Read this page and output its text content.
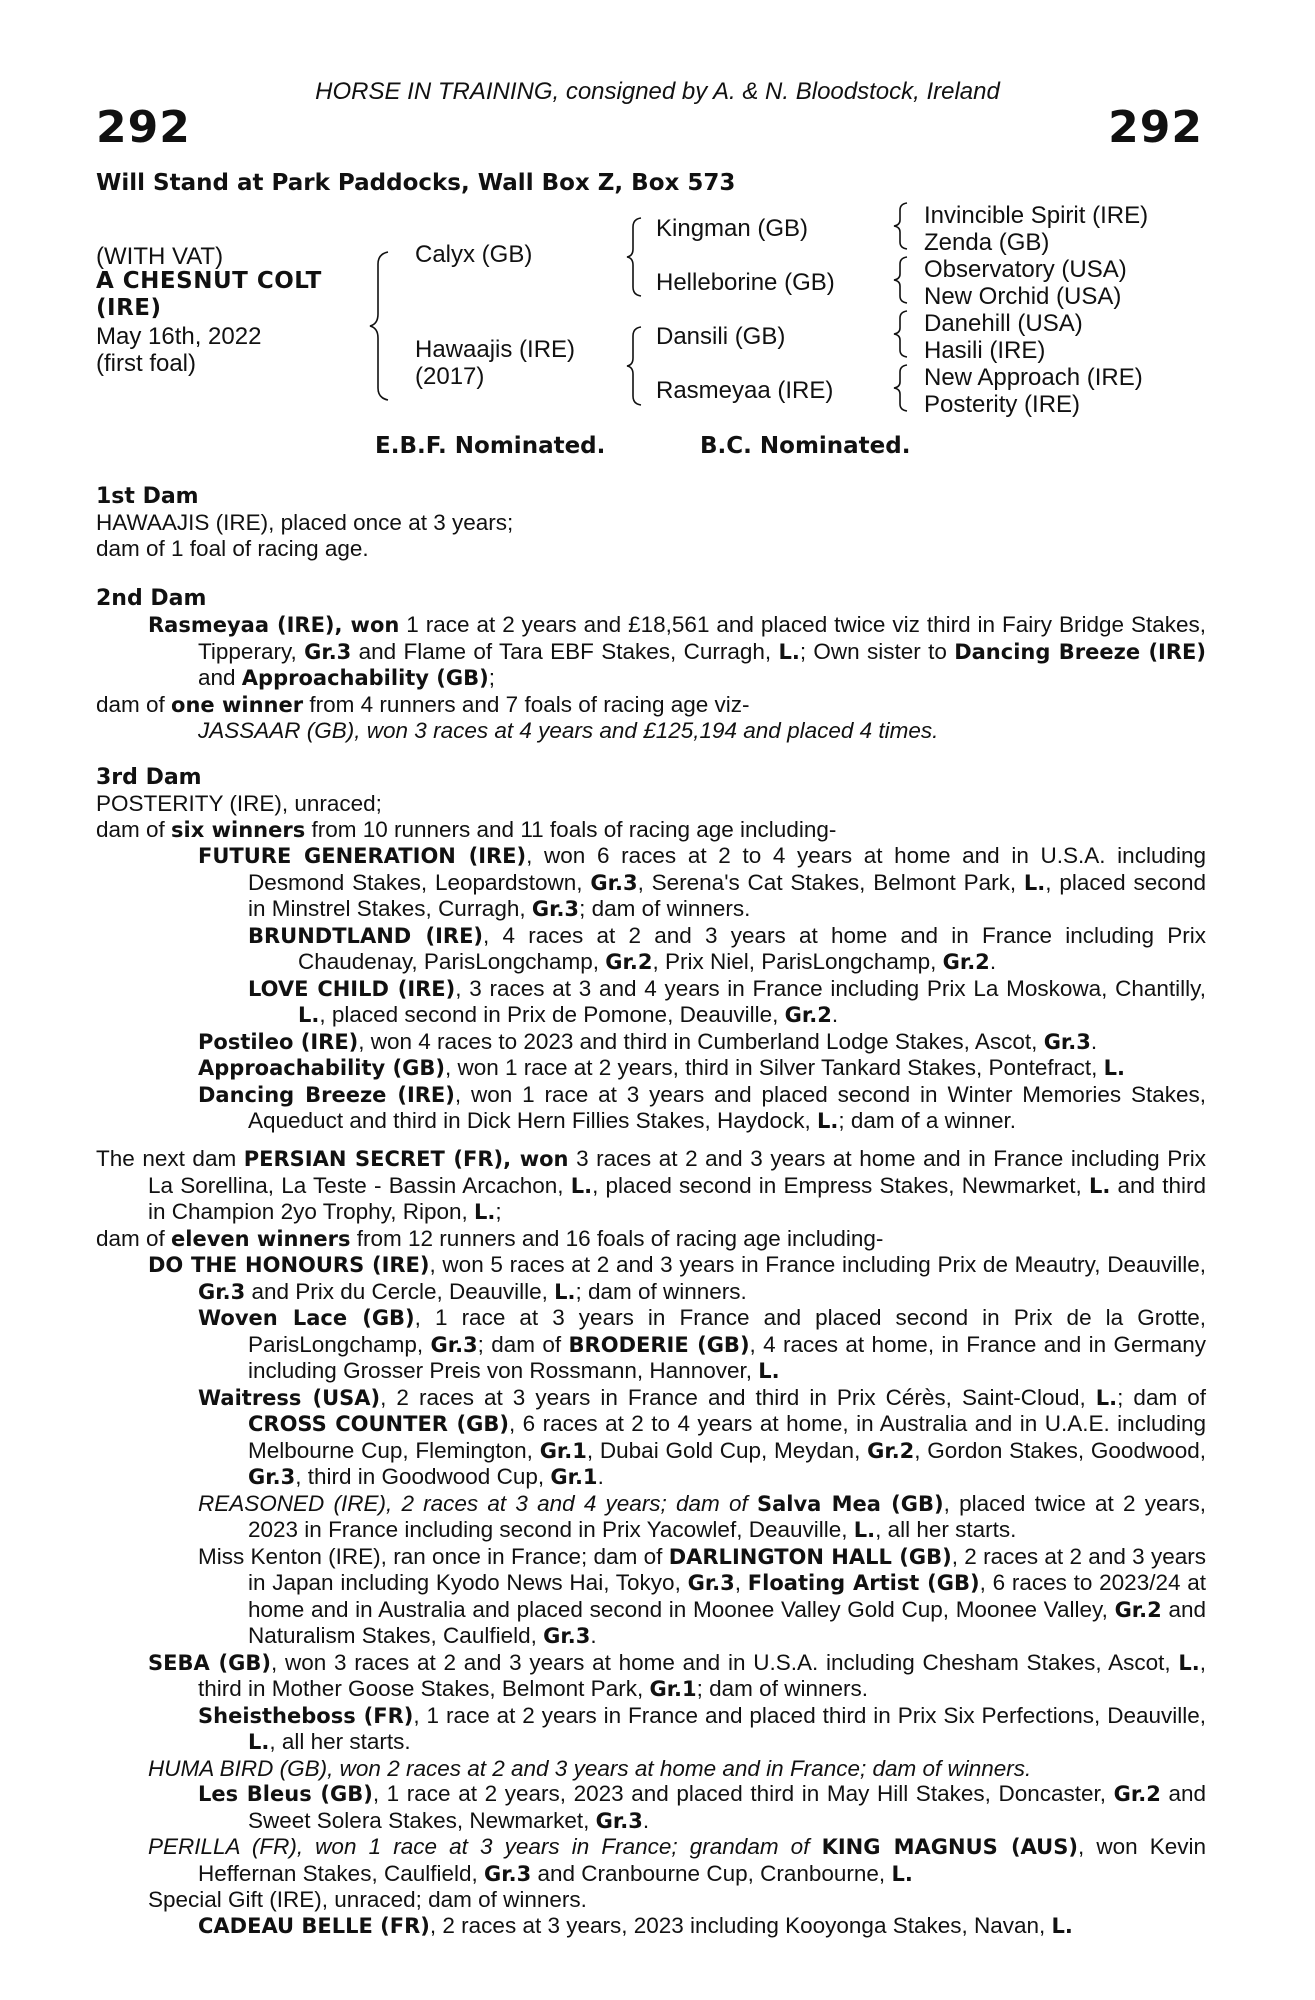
HORSE IN TRAINING, consigned by A. & N. Bloodstock, Ireland
292	292
Will Stand at Park Paddocks, Wall Box Z, Box 573
(WITH VAT)
A CHESNUT COLT
(IRE)
May 16th, 2022
(first foal)
Calyx (GB)
Hawaajis (IRE)
(2017)
Kingman (GB)
Helleborine (GB)
Dansili (GB)
Rasmeyaa (IRE)
Invincible Spirit (IRE)
Zenda (GB)
Observatory (USA)
New Orchid (USA)
Danehill (USA)
Hasili (IRE)
New Approach (IRE)
Posterity (IRE)
E.B.F. Nominated.	B.C. Nominated.
1st Dam
HAWAAJIS (IRE), placed once at 3 years;
dam of 1 foal of racing age.
2nd Dam
Rasmeyaa (IRE), won 1 race at 2 years and £18,561 and placed twice viz third in Fairy Bridge Stakes, Tipperary, Gr.3 and Flame of Tara EBF Stakes, Curragh, L.; Own sister to Dancing Breeze (IRE) and Approachability (GB);
dam of one winner from 4 runners and 7 foals of racing age viz-
JASSAAR (GB), won 3 races at 4 years and £125,194 and placed 4 times.
3rd Dam
POSTERITY (IRE), unraced;
dam of six winners from 10 runners and 11 foals of racing age including-
FUTURE GENERATION (IRE), won 6 races at 2 to 4 years at home and in U.S.A. including Desmond Stakes, Leopardstown, Gr.3, Serena's Cat Stakes, Belmont Park, L., placed second in Minstrel Stakes, Curragh, Gr.3; dam of winners.
BRUNDTLAND (IRE), 4 races at 2 and 3 years at home and in France including Prix Chaudenay, ParisLongchamp, Gr.2, Prix Niel, ParisLongchamp, Gr.2.
LOVE CHILD (IRE), 3 races at 3 and 4 years in France including Prix La Moskowa, Chantilly, L., placed second in Prix de Pomone, Deauville, Gr.2.
Postileo (IRE), won 4 races to 2023 and third in Cumberland Lodge Stakes, Ascot, Gr.3.
Approachability (GB), won 1 race at 2 years, third in Silver Tankard Stakes, Pontefract, L.
Dancing Breeze (IRE), won 1 race at 3 years and placed second in Winter Memories Stakes, Aqueduct and third in Dick Hern Fillies Stakes, Haydock, L.; dam of a winner.
The next dam PERSIAN SECRET (FR), won 3 races at 2 and 3 years at home and in France including Prix La Sorellina, La Teste - Bassin Arcachon, L., placed second in Empress Stakes, Newmarket, L. and third in Champion 2yo Trophy, Ripon, L.;
dam of eleven winners from 12 runners and 16 foals of racing age including-
DO THE HONOURS (IRE), won 5 races at 2 and 3 years in France including Prix de Meautry, Deauville, Gr.3 and Prix du Cercle, Deauville, L.; dam of winners.
Woven Lace (GB), 1 race at 3 years in France and placed second in Prix de la Grotte, ParisLongchamp, Gr.3; dam of BRODERIE (GB), 4 races at home, in France and in Germany including Grosser Preis von Rossmann, Hannover, L.
Waitress (USA), 2 races at 3 years in France and third in Prix Cérès, Saint-Cloud, L.; dam of CROSS COUNTER (GB), 6 races at 2 to 4 years at home, in Australia and in U.A.E. including Melbourne Cup, Flemington, Gr.1, Dubai Gold Cup, Meydan, Gr.2, Gordon Stakes, Goodwood, Gr.3, third in Goodwood Cup, Gr.1.
REASONED (IRE), 2 races at 3 and 4 years; dam of Salva Mea (GB), placed twice at 2 years, 2023 in France including second in Prix Yacowlef, Deauville, L., all her starts.
Miss Kenton (IRE), ran once in France; dam of DARLINGTON HALL (GB), 2 races at 2 and 3 years in Japan including Kyodo News Hai, Tokyo, Gr.3, Floating Artist (GB), 6 races to 2023/24 at home and in Australia and placed second in Moonee Valley Gold Cup, Moonee Valley, Gr.2 and Naturalism Stakes, Caulfield, Gr.3.
SEBA (GB), won 3 races at 2 and 3 years at home and in U.S.A. including Chesham Stakes, Ascot, L., third in Mother Goose Stakes, Belmont Park, Gr.1; dam of winners.
Sheistheboss (FR), 1 race at 2 years in France and placed third in Prix Six Perfections, Deauville, L., all her starts.
HUMA BIRD (GB), won 2 races at 2 and 3 years at home and in France; dam of winners.
Les Bleus (GB), 1 race at 2 years, 2023 and placed third in May Hill Stakes, Doncaster, Gr.2 and Sweet Solera Stakes, Newmarket, Gr.3.
PERILLA (FR), won 1 race at 3 years in France; grandam of KING MAGNUS (AUS), won Kevin Heffernan Stakes, Caulfield, Gr.3 and Cranbourne Cup, Cranbourne, L.
Special Gift (IRE), unraced; dam of winners.
CADEAU BELLE (FR), 2 races at 3 years, 2023 including Kooyonga Stakes, Navan, L.
